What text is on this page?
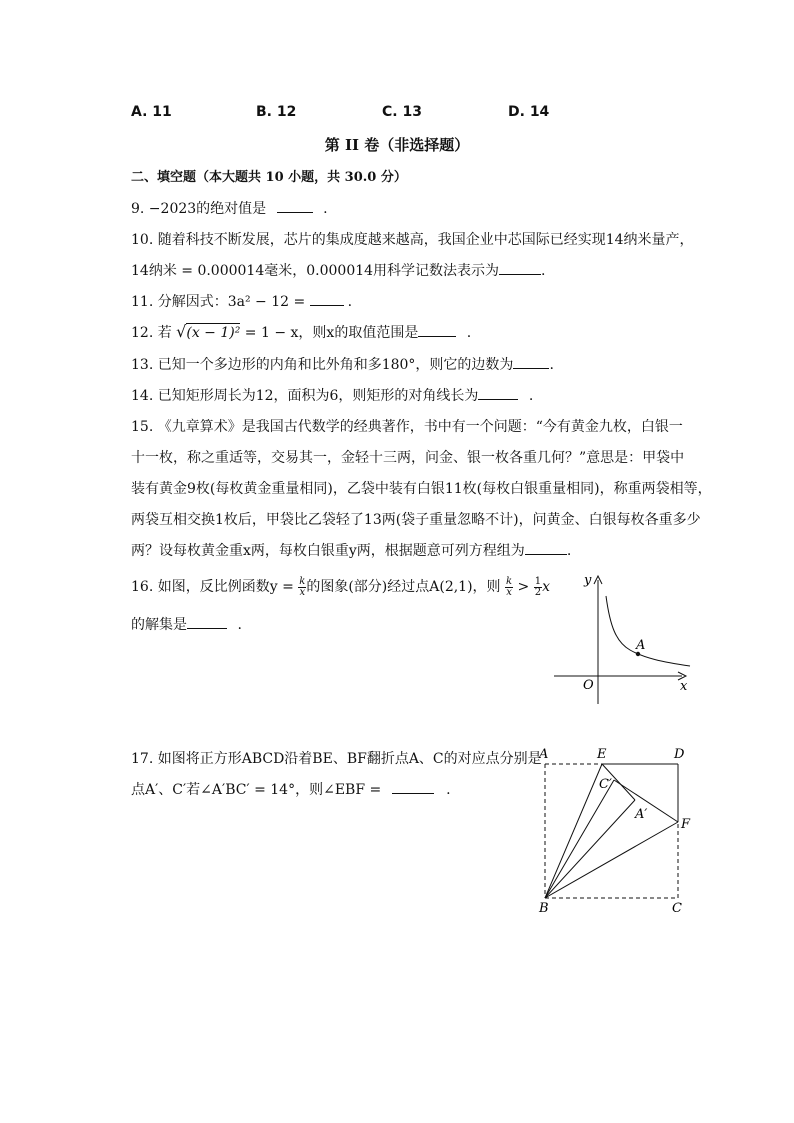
A. 11	B. 12	C. 13	D. 14
第 II 卷（非选择题）
二、填空题（本大题共 10 小题，共 30.0 分）
9. −2023的绝对值是	.
10. 随着科技不断发展，芯片的集成度越来越高，我国企业中芯国际已经实现14纳米量产，
14纳米 = 0.000014毫米，0.000014用科学记数法表示为	.
11. 分解因式：3a² − 12 =	.
12. 若 √(x − 1)² = 1 − x，则x的取值范围是	.
13. 已知一个多边形的内角和比外角和多180°，则它的边数为	.
14. 已知矩形周长为12，面积为6，则矩形的对角线长为	.
15. 《九章算术》是我国古代数学的经典著作，书中有一个问题：“今有黄金九枚，白银一
十一枚，称之重适等，交易其一，金轻十三两，问金、银一枚各重几何？”意思是：甲袋中
装有黄金9枚(每枚黄金重量相同)，乙袋中装有白银11枚(每枚白银重量相同)，称重两袋相等，
两袋互相交换1枚后，甲袋比乙袋轻了13两(袋子重量忽略不计)，问黄金、白银每枚各重多少
两？设每枚黄金重x两，每枚白银重y两，根据题意可列方程组为	.
16. 如图，反比例函数$y = \frac{k}{x}$ 的图象(部分)经过点A(2,1)，则 $\frac{k}{x} > \frac{1}{2}$ x
的解集是	.
y
x
O
A
17. 如图将正方形ABCD沿着BE、BF翻折点A、C的对应点分别是
点A′、C′若∠A′BC′ = 14°，则∠EBF =	.
A	E	D
C′
A′
F
B	C
